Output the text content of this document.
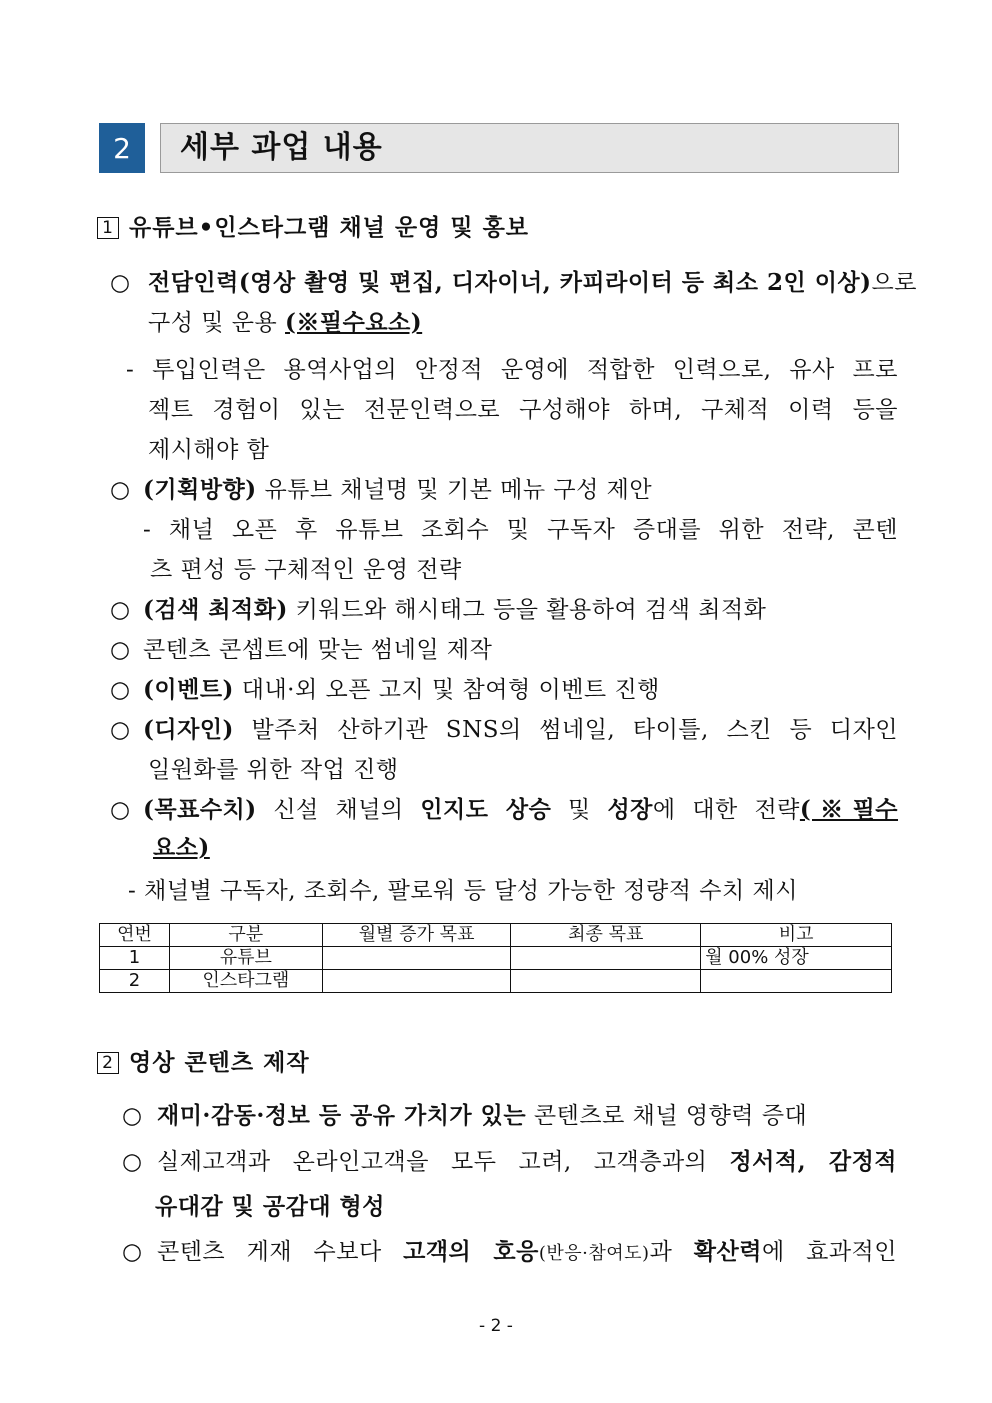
2	세부 과업 내용
1 유튜브•인스타그램 채널 운영 및 홍보
○ 전담인력(영상 촬영 및 편집, 디자이너, 카피라이터 등 최소 2인 이상)으로
구성 및 운용 (※필수요소)
- 투입인력은 용역사업의 안정적 운영에 적합한 인력으로, 유사 프로
젝트 경험이 있는 전문인력으로 구성해야 하며, 구체적 이력 등을
제시해야 함
○ (기획방향) 유튜브 채널명 및 기본 메뉴 구성 제안
- 채널 오픈 후 유튜브 조회수 및 구독자 증대를 위한 전략, 콘텐
츠 편성 등 구체적인 운영 전략
○ (검색 최적화) 키워드와 해시태그 등을 활용하여 검색 최적화
○ 콘텐츠 콘셉트에 맞는 썸네일 제작
○ (이벤트) 대내·외 오픈 고지 및 참여형 이벤트 진행
○ (디자인) 발주처 산하기관 SNS의 썸네일, 타이틀, 스킨 등 디자인
일원화를 위한 작업 진행
○ (목표수치) 신설 채널의 인지도 상승 및 성장에 대한 전략(※필수
요소)
- 채널별 구독자, 조회수, 팔로워 등 달성 가능한 정량적 수치 제시
연번	구분	월별 증가 목표	최종 목표	비고
1	유튜브			월 00% 성장
2	인스타그램			
2 영상 콘텐츠 제작
○ 재미·감동·정보 등 공유 가치가 있는 콘텐츠로 채널 영향력 증대
○ 실제고객과 온라인고객을 모두 고려, 고객층과의 정서적, 감정적
유대감 및 공감대 형성
○ 콘텐츠 게재 수보다 고객의 호응(반응·참여도)과 확산력에 효과적인
- 2 -
